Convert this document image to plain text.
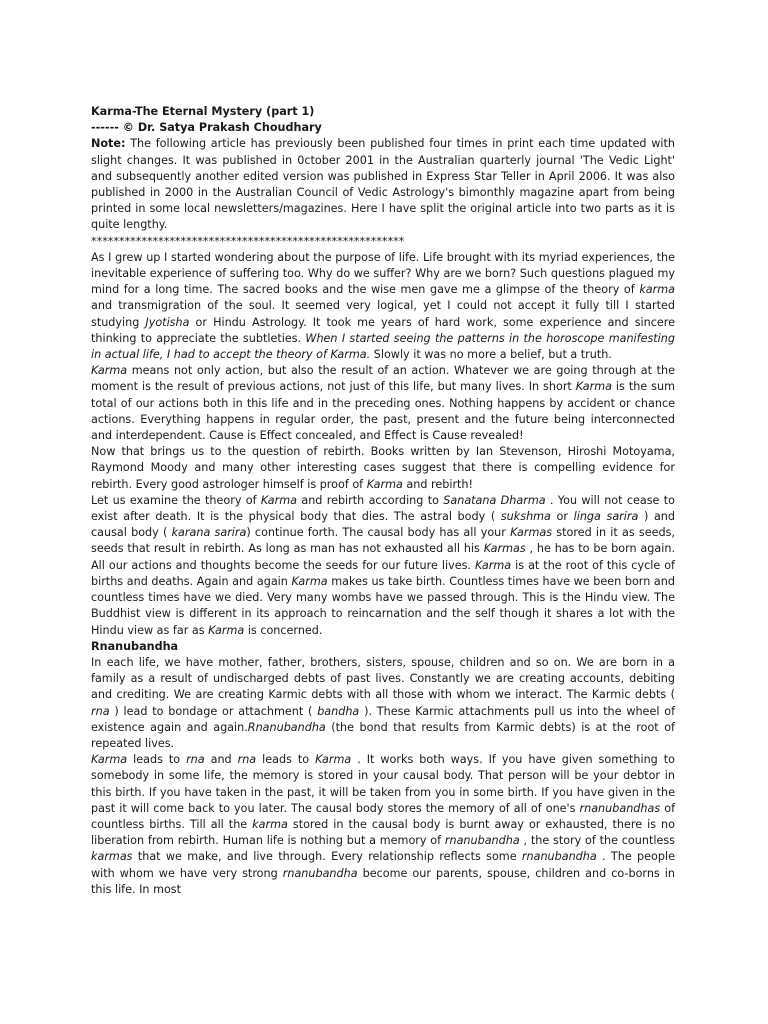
Karma-The Eternal Mystery (part 1)

------ © Dr. Satya Prakash Choudhary

Note: The following article has previously been published four times in print each time updated with slight changes. It was published in 0ctober 2001 in the Australian quarterly journal 'The Vedic Light' and subsequently another edited version was published in Express Star Teller in April 2006. It was also published in 2000 in the Australian Council of Vedic Astrology's bimonthly magazine apart from being printed in some local newsletters/magazines. Here I have split the original article into two parts as it is quite lengthy.

********************************************************

As I grew up I started wondering about the purpose of life. Life brought with its myriad experiences, the inevitable experience of suffering too. Why do we suffer? Why are we born? Such questions plagued my mind for a long time. The sacred books and the wise men gave me a glimpse of the theory of karma and transmigration of the soul. It seemed very logical, yet I could not accept it fully till I started studying Jyotisha or Hindu Astrology. It took me years of hard work, some experience and sincere thinking to appreciate the subtleties. When I started seeing the patterns in the horoscope manifesting in actual life, I had to accept the theory of Karma. Slowly it was no more a belief, but a truth.

Karma means not only action, but also the result of an action. Whatever we are going through at the moment is the result of previous actions, not just of this life, but many lives. In short Karma is the sum total of our actions both in this life and in the preceding ones. Nothing happens by accident or chance actions. Everything happens in regular order, the past, present and the future being interconnected and interdependent. Cause is Effect concealed, and Effect is Cause revealed!

Now that brings us to the question of rebirth. Books written by Ian Stevenson, Hiroshi Motoyama, Raymond Moody and many other interesting cases suggest that there is compelling evidence for rebirth. Every good astrologer himself is proof of Karma and rebirth!

Let us examine the theory of Karma and rebirth according to Sanatana Dharma . You will not cease to exist after death. It is the physical body that dies. The astral body ( sukshma or linga sarira ) and causal body ( karana sarira) continue forth. The causal body has all your Karmas stored in it as seeds, seeds that result in rebirth. As long as man has not exhausted all his Karmas , he has to be born again. All our actions and thoughts become the seeds for our future lives. Karma is at the root of this cycle of births and deaths. Again and again Karma makes us take birth. Countless times have we been born and countless times have we died. Very many wombs have we passed through. This is the Hindu view. The Buddhist view is different in its approach to reincarnation and the self though it shares a lot with the Hindu view as far as Karma is concerned.

Rnanubandha

In each life, we have mother, father, brothers, sisters, spouse, children and so on. We are born in a family as a result of undischarged debts of past lives. Constantly we are creating accounts, debiting and crediting. We are creating Karmic debts with all those with whom we interact. The Karmic debts ( rna ) lead to bondage or attachment ( bandha ). These Karmic attachments pull us into the wheel of existence again and again.Rnanubandha (the bond that results from Karmic debts) is at the root of repeated lives.

Karma leads to rna and rna leads to Karma . It works both ways. If you have given something to somebody in some life, the memory is stored in your causal body. That person will be your debtor in this birth. If you have taken in the past, it will be taken from you in some birth. If you have given in the past it will come back to you later. The causal body stores the memory of all of one's rnanubandhas of countless births. Till all the karma stored in the causal body is burnt away or exhausted, there is no liberation from rebirth. Human life is nothing but a memory of rnanubandha , the story of the countless karmas that we make, and live through. Every relationship reflects some rnanubandha . The people with whom we have very strong rnanubandha become our parents, spouse, children and co-borns in this life. In most
